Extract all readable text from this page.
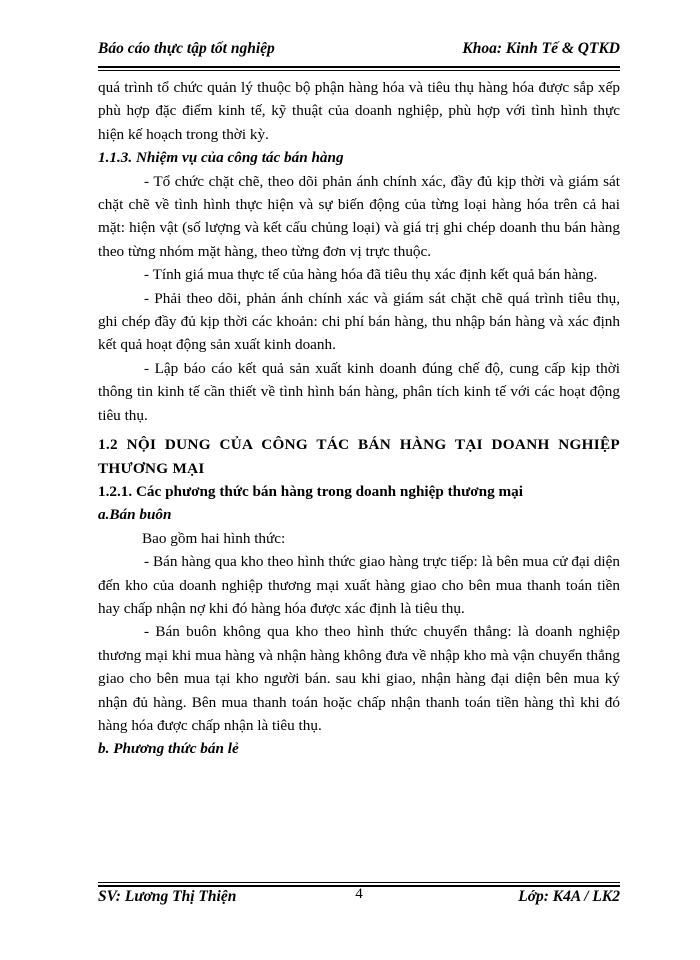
Báo cáo thực tập tốt nghiệp	Khoa: Kinh Tế & QTKD

quá trình tổ chức quản lý thuộc bộ phận hàng hóa và tiêu thụ hàng hóa được sắp xếp phù hợp đặc điểm kinh tế, kỹ thuật của doanh nghiệp, phù hợp với tình hình thực hiện kế hoạch trong thời kỳ.

1.1.3. Nhiệm vụ của công tác bán hàng

- Tổ chức chặt chẽ, theo dõi phản ánh chính xác, đầy đủ kịp thời và giám sát chặt chẽ về tình hình thực hiện và sự biến động của từng loại hàng hóa trên cả hai mặt: hiện vật (số lượng và kết cấu chủng loại) và giá trị ghi chép doanh thu bán hàng theo từng nhóm mặt hàng, theo từng đơn vị trực thuộc.

- Tính giá mua thực tế của hàng hóa đã tiêu thụ xác định kết quả bán hàng.

- Phải theo dõi, phản ánh chính xác và giám sát chặt chẽ quá trình tiêu thụ, ghi chép đầy đủ kịp thời các khoản: chi phí bán hàng, thu nhập bán hàng và xác định kết quả hoạt động sản xuất kinh doanh.

- Lập báo cáo kết quả sản xuất kinh doanh đúng chế độ, cung cấp kịp thời thông tin kinh tế cần thiết về tình hình bán hàng, phân tích kinh tế với các hoạt động tiêu thụ.

1.2 NỘI DUNG CỦA CÔNG TÁC BÁN HÀNG TẠI DOANH NGHIỆP THƯƠNG MẠI

1.2.1. Các phương thức bán hàng trong doanh nghiệp thương mại

a.Bán buôn

Bao gồm hai hình thức:

- Bán hàng qua kho theo hình thức giao hàng trực tiếp: là bên mua cử đại diện đến kho của doanh nghiệp thương mại xuất hàng giao cho bên mua thanh toán tiền hay chấp nhận nợ khi đó hàng hóa được xác định là tiêu thụ.

- Bán buôn không qua kho theo hình thức chuyển thẳng: là doanh nghiệp thương mại khi mua hàng và nhận hàng không đưa về nhập kho mà vận chuyển thẳng giao cho bên mua tại kho người bán. sau khi giao, nhận hàng đại diện bên mua ký nhận đủ hàng. Bên mua thanh toán hoặc chấp nhận thanh toán tiền hàng thì khi đó hàng hóa được chấp nhận là tiêu thụ.

b. Phương thức bán lẻ

SV: Lương Thị Thiện	4	Lớp: K4A / LK2
